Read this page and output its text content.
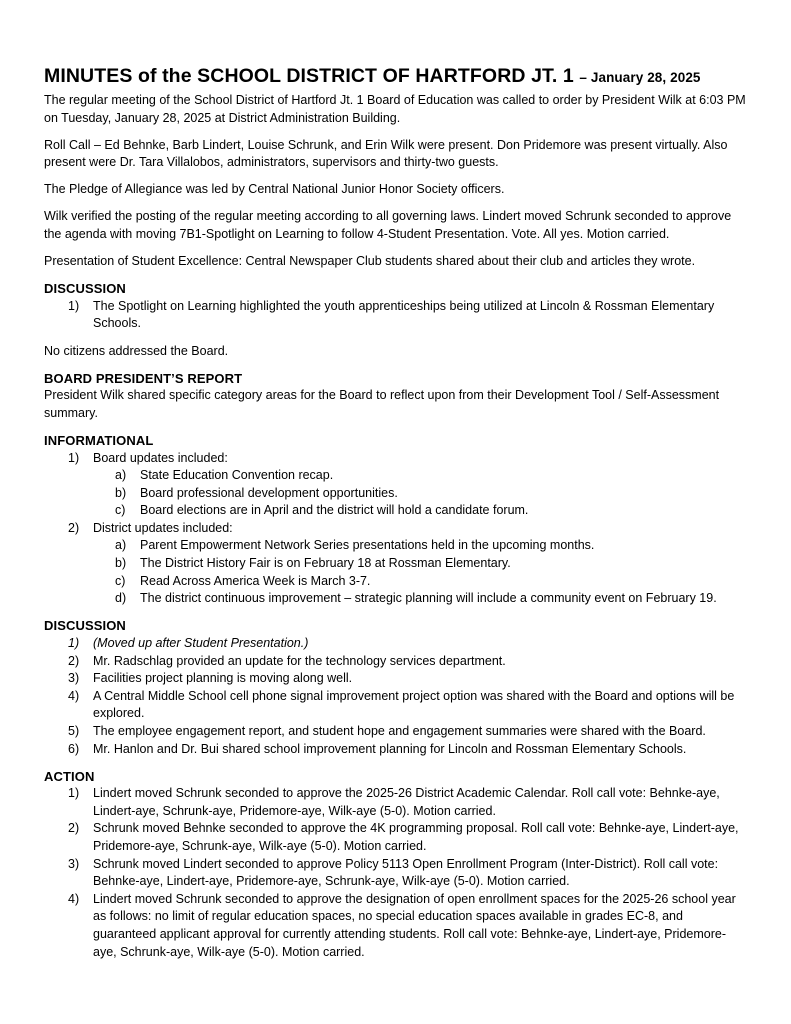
MINUTES of the SCHOOL DISTRICT OF HARTFORD JT. 1 – January 28, 2025

The regular meeting of the School District of Hartford Jt. 1 Board of Education was called to order by President Wilk at 6:03 PM on Tuesday, January 28, 2025 at District Administration Building.

Roll Call – Ed Behnke, Barb Lindert, Louise Schrunk, and Erin Wilk were present. Don Pridemore was present virtually. Also present were Dr. Tara Villalobos, administrators, supervisors and thirty-two guests.

The Pledge of Allegiance was led by Central National Junior Honor Society officers.

Wilk verified the posting of the regular meeting according to all governing laws. Lindert moved Schrunk seconded to approve the agenda with moving 7B1-Spotlight on Learning to follow 4-Student Presentation. Vote. All yes. Motion carried.

Presentation of Student Excellence: Central Newspaper Club students shared about their club and articles they wrote.

DISCUSSION
The Spotlight on Learning highlighted the youth apprenticeships being utilized at Lincoln & Rossman Elementary Schools.

No citizens addressed the Board.

BOARD PRESIDENT’S REPORT

President Wilk shared specific category areas for the Board to reflect upon from their Development Tool / Self-Assessment summary.

INFORMATIONAL
Board updates included:
State Education Convention recap.
Board professional development opportunities.
Board elections are in April and the district will hold a candidate forum.
District updates included:
Parent Empowerment Network Series presentations held in the upcoming months.
The District History Fair is on February 18 at Rossman Elementary.
Read Across America Week is March 3-7.
The district continuous improvement – strategic planning will include a community event on February 19.
DISCUSSION
(Moved up after Student Presentation.)
Mr. Radschlag provided an update for the technology services department.
Facilities project planning is moving along well.
A Central Middle School cell phone signal improvement project option was shared with the Board and options will be explored.
The employee engagement report, and student hope and engagement summaries were shared with the Board.
Mr. Hanlon and Dr. Bui shared school improvement planning for Lincoln and Rossman Elementary Schools.
ACTION
Lindert moved Schrunk seconded to approve the 2025-26 District Academic Calendar. Roll call vote: Behnke-aye, Lindert-aye, Schrunk-aye, Pridemore-aye, Wilk-aye (5-0). Motion carried.
Schrunk moved Behnke seconded to approve the 4K programming proposal. Roll call vote: Behnke-aye, Lindert-aye, Pridemore-aye, Schrunk-aye, Wilk-aye (5-0). Motion carried.
Schrunk moved Lindert seconded to approve Policy 5113 Open Enrollment Program (Inter-District). Roll call vote: Behnke-aye, Lindert-aye, Pridemore-aye, Schrunk-aye, Wilk-aye (5-0). Motion carried.
Lindert moved Schrunk seconded to approve the designation of open enrollment spaces for the 2025-26 school year as follows: no limit of regular education spaces, no special education spaces available in grades EC-8, and guaranteed applicant approval for currently attending students. Roll call vote: Behnke-aye, Lindert-aye, Pridemore-aye, Schrunk-aye, Wilk-aye (5-0). Motion carried.
